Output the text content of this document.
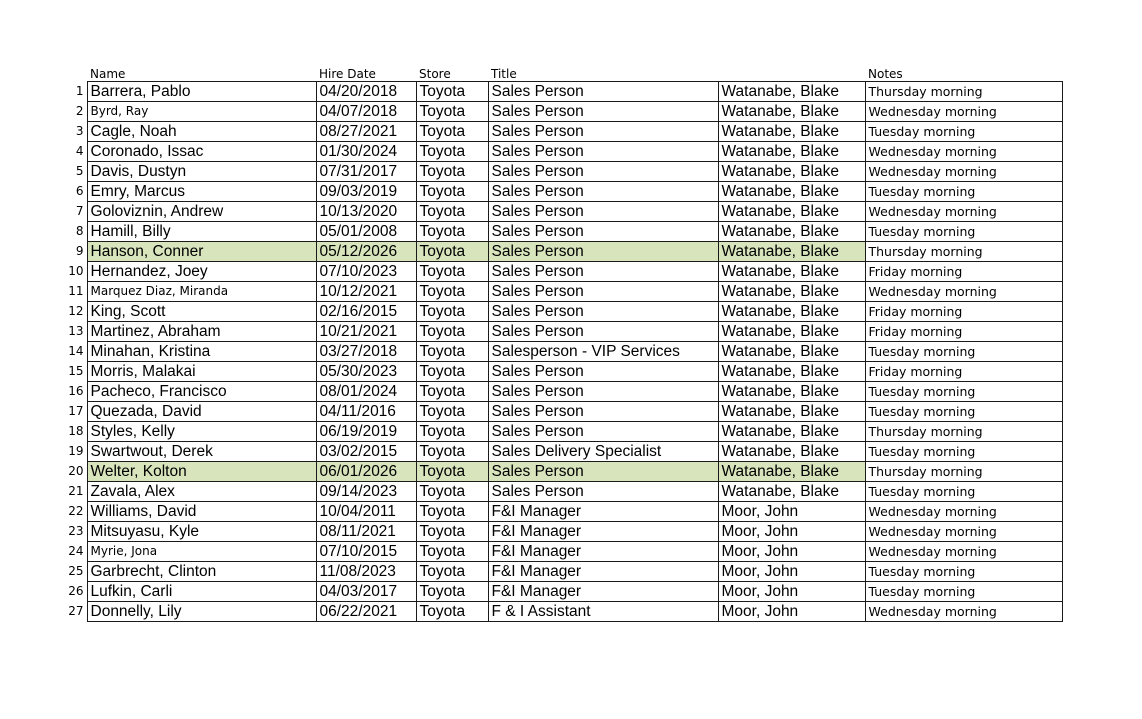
	Name	Hire Date	Store	Title		Notes
1	Barrera, Pablo	04/20/2018	Toyota	Sales Person	Watanabe, Blake	Thursday morning
2	Byrd, Ray	04/07/2018	Toyota	Sales Person	Watanabe, Blake	Wednesday morning
3	Cagle, Noah	08/27/2021	Toyota	Sales Person	Watanabe, Blake	Tuesday morning
4	Coronado, Issac	01/30/2024	Toyota	Sales Person	Watanabe, Blake	Wednesday morning
5	Davis, Dustyn	07/31/2017	Toyota	Sales Person	Watanabe, Blake	Wednesday morning
6	Emry, Marcus	09/03/2019	Toyota	Sales Person	Watanabe, Blake	Tuesday morning
7	Goloviznin, Andrew	10/13/2020	Toyota	Sales Person	Watanabe, Blake	Wednesday morning
8	Hamill, Billy	05/01/2008	Toyota	Sales Person	Watanabe, Blake	Tuesday morning
9	Hanson, Conner	05/12/2026	Toyota	Sales Person	Watanabe, Blake	Thursday morning
10	Hernandez, Joey	07/10/2023	Toyota	Sales Person	Watanabe, Blake	Friday morning
11	Marquez Diaz, Miranda	10/12/2021	Toyota	Sales Person	Watanabe, Blake	Wednesday morning
12	King, Scott	02/16/2015	Toyota	Sales Person	Watanabe, Blake	Friday morning
13	Martinez, Abraham	10/21/2021	Toyota	Sales Person	Watanabe, Blake	Friday morning
14	Minahan, Kristina	03/27/2018	Toyota	Salesperson - VIP Services	Watanabe, Blake	Tuesday morning
15	Morris, Malakai	05/30/2023	Toyota	Sales Person	Watanabe, Blake	Friday morning
16	Pacheco, Francisco	08/01/2024	Toyota	Sales Person	Watanabe, Blake	Tuesday morning
17	Quezada, David	04/11/2016	Toyota	Sales Person	Watanabe, Blake	Tuesday morning
18	Styles, Kelly	06/19/2019	Toyota	Sales Person	Watanabe, Blake	Thursday morning
19	Swartwout, Derek	03/02/2015	Toyota	Sales Delivery Specialist	Watanabe, Blake	Tuesday morning
20	Welter, Kolton	06/01/2026	Toyota	Sales Person	Watanabe, Blake	Thursday morning
21	Zavala, Alex	09/14/2023	Toyota	Sales Person	Watanabe, Blake	Tuesday morning
22	Williams, David	10/04/2011	Toyota	F&I Manager	Moor, John	Wednesday morning
23	Mitsuyasu, Kyle	08/11/2021	Toyota	F&I Manager	Moor, John	Wednesday morning
24	Myrie, Jona	07/10/2015	Toyota	F&I Manager	Moor, John	Wednesday morning
25	Garbrecht, Clinton	11/08/2023	Toyota	F&I Manager	Moor, John	Tuesday morning
26	Lufkin, Carli	04/03/2017	Toyota	F&I Manager	Moor, John	Tuesday morning
27	Donnelly, Lily	06/22/2021	Toyota	F & I Assistant	Moor, John	Wednesday morning
